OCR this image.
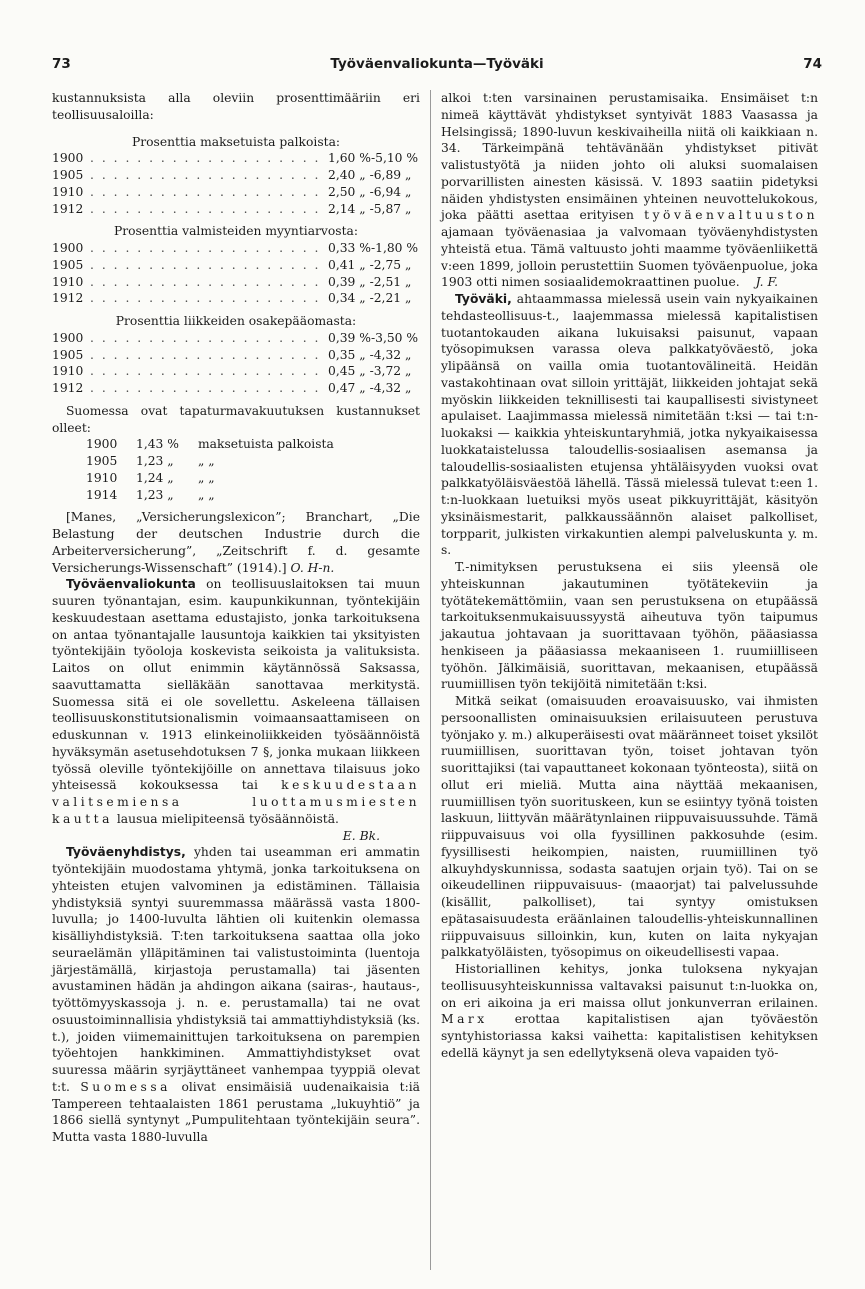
73	Työväenvaliokunta—Työväki	74

kustannuksista alla oleviin prosenttimääriin eri teollisuusaloilla:

Prosenttia maksetuista palkoista:

1900 . . .	1,60 %-5,10 %
1905 . . .	2,40 „ -6,89 „
1910 . . .	2,50 „ -6,94 „
1912 . . .	2,14 „ -5,87 „

Prosenttia valmisteiden myyntiarvosta:

1900 . . .	0,33 %-1,80 %
1905 . . .	0,41 „ -2,75 „
1910 . . .	0,39 „ -2,51 „
1912 . . .	0,34 „ -2,21 „

Prosenttia liikkeiden osakepääomasta:

1900 . . .	0,39 %-3,50 %
1905 . . .	0,35 „ -4,32 „
1910 . . .	0,45 „ -3,72 „
1912 . . .	0,47 „ -4,32 „

Suomessa ovat tapaturmavakuutuksen kustannukset olleet:

1900	1,43 %	maksetuista palkoista
1905	1,23 „	„ „
1910	1,24 „	„ „
1914	1,23 „	„ „

[Manes, „Versicherungslexicon”; Branchart, „Die Belastung der deutschen Industrie durch die Arbeiterversicherung”, „Zeitschrift f. d. gesamte Versicherungs-Wissenschaft” (1914).] O. H-n.

Työväenvaliokunta on teollisuuslaitoksen tai muun suuren työnantajan, esim. kaupunkikunnan, työntekijäin keskuudestaan asettama edustajisto, jonka tarkoituksena on antaa työnantajalle lausuntoja kaikkien tai yksityisten työntekijäin työoloja koskevista seikoista ja valituksista. Laitos on ollut enimmin käytännössä Saksassa, saavuttamatta sielläkään sanottavaa merkitystä. Suomessa sitä ei ole sovellettu. Askeleena tällaisen teollisuuskonstitutsionalismin voimaansaattamiseen on eduskunnan v. 1913 elinkeinoliikkeiden työsäännöistä hyväksymän asetusehdotuksen 7 §, jonka mukaan liikkeen työssä oleville työntekijöille on annettava tilaisuus joko yhteisessä kokouksessa tai keskuudestaan valitsemiensa luottamusmiesten kautta lausua mielipiteensä työsäännöistä.

E. Bk.

Työväenyhdistys, yhden tai useamman eri ammatin työntekijäin muodostama yhtymä, jonka tarkoituksena on yhteisten etujen valvominen ja edistäminen. Tällaisia yhdistyksiä syntyi suuremmassa määrässä vasta 1800-luvulla; jo 1400-luvulta lähtien oli kuitenkin olemassa kisälliyhdistyksiä. T:ten tarkoituksena saattaa olla joko seuraelämän ylläpitäminen tai valistustoiminta (luentoja järjestämällä, kirjastoja perustamalla) tai jäsenten avustaminen hädän ja ahdingon aikana (sairas-, hautaus-, työttömyyskassoja j. n. e. perustamalla) tai ne ovat osuustoiminnallisia yhdistyksiä tai ammattiyhdistyksiä (ks. t.), joiden viimemainittujen tarkoituksena on parempien työehtojen hankkiminen. Ammattiyhdistykset ovat suuressa määrin syrjäyttäneet vanhempaa tyyppiä olevat t:t. Suomessa olivat ensimäisiä uudenaikaisia t:iä Tampereen tehtaalaisten 1861 perustama „lukuyhtiö” ja 1866 siellä syntynyt „Pumpulitehtaan työntekijäin seura”. Mutta vasta 1880-luvulla

alkoi t:ten varsinainen perustamisaika. Ensimäiset t:n nimeä käyttävät yhdistykset syntyivät 1883 Vaasassa ja Helsingissä; 1890-luvun keskivaiheilla niitä oli kaikkiaan n. 34. Tärkeimpänä tehtävänään yhdistykset pitivät valistustyötä ja niiden johto oli aluksi suomalaisen porvarillisten ainesten käsissä. V. 1893 saatiin pidetyksi näiden yhdistysten ensimäinen yhteinen neuvottelukokous, joka päätti asettaa erityisen työväenvaltuuston ajamaan työväenasiaa ja valvomaan työväenyhdistysten yhteistä etua. Tämä valtuusto johti maamme työväenliikettä v:een 1899, jolloin perustettiin Suomen työväenpuolue, joka 1903 otti nimen sosiaalidemokraattinen puolue. J. F.

Työväki, ahtaammassa mielessä usein vain nykyaikainen tehdasteollisuus-t., laajemmassa mielessä kapitalistisen tuotantokauden aikana lukuisaksi paisunut, vapaan työsopimuksen varassa oleva palkkatyöväestö, joka ylipäänsä on vailla omia tuotantovälineitä. Heidän vastakohtinaan ovat silloin yrittäjät, liikkeiden johtajat sekä myöskin liikkeiden teknillisesti tai kaupallisesti sivistyneet apulaiset. Laajimmassa mielessä nimitetään t:ksi — tai t:n-luokaksi — kaikkia yhteiskuntaryhmiä, jotka nykyaikaisessa luokkataistelussa taloudellis-sosiaalisen asemansa ja taloudellis-sosiaalisten etujensa yhtäläisyyden vuoksi ovat palkkatyöläisväestöä lähellä. Tässä mielessä tulevat t:een 1. t:n-luokkaan luetuiksi myös useat pikkuyrittäjät, käsityön yksinäismestarit, palkkaussäännön alaiset palkolliset, torpparit, julkisten virkakuntien alempi palveluskunta y. m. s.

T.-nimityksen perustuksena ei siis yleensä ole yhteiskunnan jakautuminen työtätekeviin ja työtätekemättömiin, vaan sen perustuksena on etupäässä tarkoituksenmukaisuussyystä aiheutuva työn taipumus jakautua johtavaan ja suorittavaan työhön, pääasiassa henkiseen ja pääasiassa mekaaniseen 1. ruumiilliseen työhön. Jälkimäisiä, suorittavan, mekaanisen, etupäässä ruumiillisen työn tekijöitä nimitetään t:ksi.

Mitkä seikat (omaisuuden eroavaisuusko, vai ihmisten persoonallisten ominaisuuksien erilaisuuteen perustuva työnjako y. m.) alkuperäisesti ovat määränneet toiset yksilöt ruumiillisen, suorittavan työn, toiset johtavan työn suorittajiksi (tai vapauttaneet kokonaan työnteosta), siitä on ollut eri mieliä. Mutta aina näyttää mekaanisen, ruumiillisen työn suorituskeen, kun se esiintyy työnä toisten laskuun, liittyvän määrätynlainen riippuvaisuussuhde. Tämä riippuvaisuus voi olla fyysillinen pakkosuhde (esim. fyysillisesti heikompien, naisten, ruumiillinen työ alkuyhdyskunnissa, sodasta saatujen orjain työ). Tai on se oikeudellinen riippuvaisuus- (maaorjat) tai palvelussuhde (kisällit, palkolliset), tai syntyy omistuksen epätasaisuudesta eräänlainen taloudellis-yhteiskunnallinen riippuvaisuus silloinkin, kun, kuten on laita nykyajan palkkatyöläisten, työsopimus on oikeudellisesti vapaa.

Historiallinen kehitys, jonka tuloksena nykyajan teollisuusyhteiskunnissa valtavaksi paisunut t:n-luokka on, on eri aikoina ja eri maissa ollut jonkunverran erilainen. Marx erottaa kapitalistisen ajan työväestön syntyhistoriassa kaksi vaihetta: kapitalistisen kehityksen edellä käynyt ja sen edellytyksenä oleva vapaiden työ-
